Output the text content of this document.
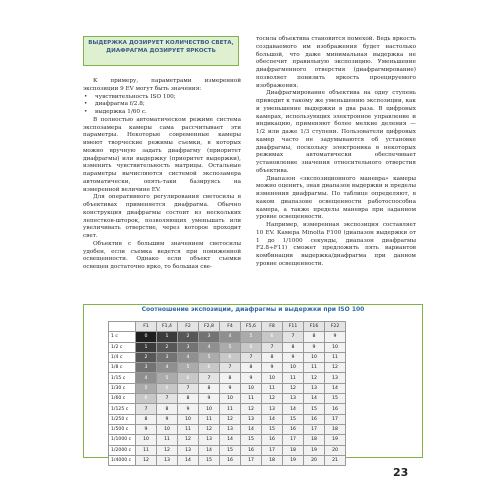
ВЫДЕРЖКА ДОЗИРУЕТ КОЛИЧЕСТВО СВЕТА,
ДИАФРАГМА ДОЗИРУЕТ ЯРКОСТЬ

К примеру, параметрами измеренной экспозиции 9 EV могут быть значения:

• чувствительность ISO 100;
• диафрагма f/2.8;
• выдержка 1/60 с.

В полностью автоматическом режиме система экспозамера камеры сама рассчитывает эти параметры. Некоторые современные камеры имеют творческие режимы съемки, в которых можно вручную задать диафрагму (приоритет диафрагмы) или выдержку (приоритет выдержки), изменить чувствительность матрицы. Остальные параметры вычисляются системой экспозамера автоматически, опять-таки базируясь на измеренной величине EV.

Для оперативного регулирования светосилы в объективах применяется диафрагма. Обычно конструкция диафрагмы состоит из нескольких лепестков-шторок, позволяющих уменьшать или увеличивать отверстие, через которое проходит свет.

Объектив с большим значением светосилы удобен, если съемка ведется при пониженной освещенности. Однако если объект съемки освещен достаточно ярко, то большая све-

тосила объектива становится помехой. Ведь яркость создаваемого им изображения будет настолько большой, что даже минимальная выдержка не обеспечит правильную экспозицию. Уменьшение диафрагменного отверстия (диафрагмирование) позволяет понизить яркость проецируемого изображения.

Диафрагмирование объектива на одну ступень приводит к такому же уменьшению экспозиции, как и уменьшение выдержки в два раза. В цифровых камерах, использующих электронное управление и индикацию, применяют более мелкие деления — 1/2 или даже 1/3 ступени. Пользователи цифровых камер часто не задумываются об установке диафрагмы, поскольку электроника в некоторых режимах автоматически обеспечивает установление значения относительного отверстия объектива.

Диапазон «экспозиционного маневра» камеры можно оценить, зная диапазон выдержки и пределы изменения диафрагмы. По таблице определяют, в каком диапазоне освещенности работоспособна камера, а также пределы маневра при заданном уровне освещенности.

Например, измеренная экспозиция составляет 10 EV. Камера Minolta F100 (диапазон выдержки от 1 до 1/1000 секунды, диапазон диафрагмы F2.8÷F11) сможет предложить пять вариантов комбинации выдержка/диафрагма при данном уровне освещенности.

Соотношение экспозиции, диафрагмы и выдержки при ISO 100
	F1	F1,4	F2	F2,8	F4	F5,6	F8	F11	F16	F22
1 с	0	1	2	3	4	5	6	7	8	9
1/2 с	1	2	3	4	5	6	7	8	9	10
1/4 с	2	3	4	5	6	7	8	9	10	11
1/8 с	3	4	5	6	7	8	9	10	11	12
1/15 с	4	5	6	7	8	9	10	11	12	13
1/30 с	5	6	7	8	9	10	11	12	13	14
1/60 с	6	7	8	9	10	11	12	13	14	15
1/125 с	7	8	9	10	11	12	13	14	15	16
1/250 с	8	9	10	11	12	13	14	15	16	17
1/500 с	9	10	11	12	13	14	15	16	17	18
1/1000 с	10	11	12	13	14	15	16	17	18	19
1/2000 с	11	12	13	14	15	16	17	18	19	20
1/4000 с	12	13	14	15	16	17	18	19	20	21
23
